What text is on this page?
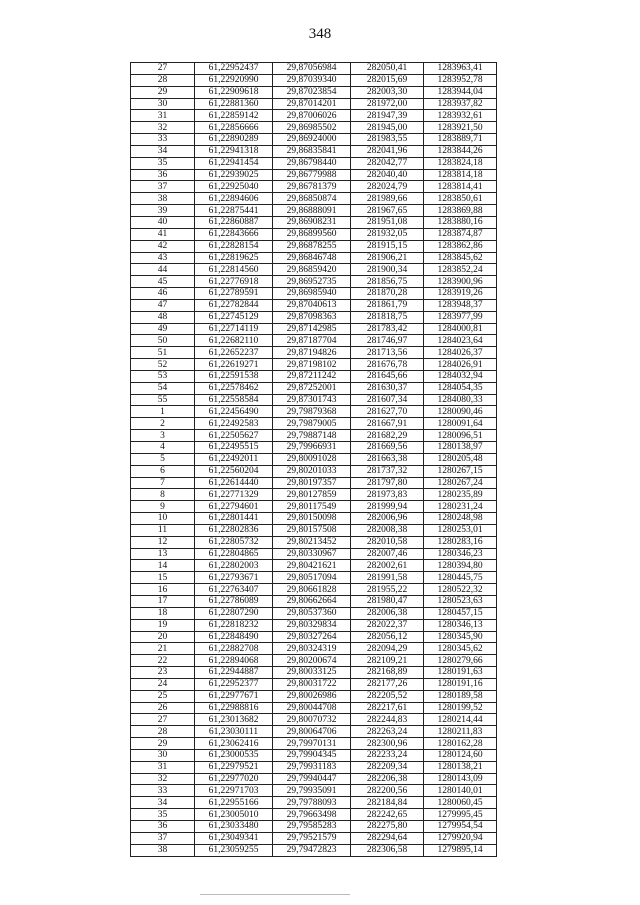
348
27	61,22952437	29,87056984	282050,41	1283963,41
28	61,22920990	29,87039340	282015,69	1283952,78
29	61,22909618	29,87023854	282003,30	1283944,04
30	61,22881360	29,87014201	281972,00	1283937,82
31	61,22859142	29,87006026	281947,39	1283932,61
32	61,22856666	29,86985502	281945,00	1283921,50
33	61,22890289	29,86924000	281983,55	1283889,71
34	61,22941318	29,86835841	282041,96	1283844,26
35	61,22941454	29,86798440	282042,77	1283824,18
36	61,22939025	29,86779988	282040,40	1283814,18
37	61,22925040	29,86781379	282024,79	1283814,41
38	61,22894606	29,86850874	281989,66	1283850,61
39	61,22875441	29,86888091	281967,65	1283869,88
40	61,22860887	29,86908231	281951,08	1283880,16
41	61,22843666	29,86899560	281932,05	1283874,87
42	61,22828154	29,86878255	281915,15	1283862,86
43	61,22819625	29,86846748	281906,21	1283845,62
44	61,22814560	29,86859420	281900,34	1283852,24
45	61,22776918	29,86952735	281856,75	1283900,96
46	61,22789591	29,86985940	281870,28	1283919,26
47	61,22782844	29,87040613	281861,79	1283948,37
48	61,22745129	29,87098363	281818,75	1283977,99
49	61,22714119	29,87142985	281783,42	1284000,81
50	61,22682110	29,87187704	281746,97	1284023,64
51	61,22652237	29,87194826	281713,56	1284026,37
52	61,22619271	29,87198102	281676,78	1284026,91
53	61,22591538	29,87211242	281645,66	1284032,94
54	61,22578462	29,87252001	281630,37	1284054,35
55	61,22558584	29,87301743	281607,34	1284080,33
1	61,22456490	29,79879368	281627,70	1280090,46
2	61,22492583	29,79879005	281667,91	1280091,64
3	61,22505627	29,79887148	281682,29	1280096,51
4	61,22495515	29,79966931	281669,56	1280138,97
5	61,22492011	29,80091028	281663,38	1280205,48
6	61,22560204	29,80201033	281737,32	1280267,15
7	61,22614440	29,80197357	281797,80	1280267,24
8	61,22771329	29,80127859	281973,83	1280235,89
9	61,22794601	29,80117549	281999,94	1280231,24
10	61,22801441	29,80150098	282006,96	1280248,98
11	61,22802836	29,80157508	282008,38	1280253,01
12	61,22805732	29,80213452	282010,58	1280283,16
13	61,22804865	29,80330967	282007,46	1280346,23
14	61,22802003	29,80421621	282002,61	1280394,80
15	61,22793671	29,80517094	281991,58	1280445,75
16	61,22763407	29,80661828	281955,22	1280522,32
17	61,22786089	29,80662664	281980,47	1280523,63
18	61,22807290	29,80537360	282006,38	1280457,15
19	61,22818232	29,80329834	282022,37	1280346,13
20	61,22848490	29,80327264	282056,12	1280345,90
21	61,22882708	29,80324319	282094,29	1280345,62
22	61,22894068	29,80200674	282109,21	1280279,66
23	61,22944887	29,80033125	282168,89	1280191,63
24	61,22952377	29,80031722	282177,26	1280191,16
25	61,22977671	29,80026986	282205,52	1280189,58
26	61,22988816	29,80044708	282217,61	1280199,52
27	61,23013682	29,80070732	282244,83	1280214,44
28	61,23030111	29,80064706	282263,24	1280211,83
29	61,23062416	29,79970131	282300,96	1280162,28
30	61,23000535	29,79904345	282233,24	1280124,60
31	61,22979521	29,79931183	282209,34	1280138,21
32	61,22977020	29,79940447	282206,38	1280143,09
33	61,22971703	29,79935091	282200,56	1280140,01
34	61,22955166	29,79788093	282184,84	1280060,45
35	61,23005010	29,79663498	282242,65	1279995,45
36	61,23033480	29,79585283	282275,80	1279954,54
37	61,23049341	29,79521579	282294,64	1279920,94
38	61,23059255	29,79472823	282306,58	1279895,14
